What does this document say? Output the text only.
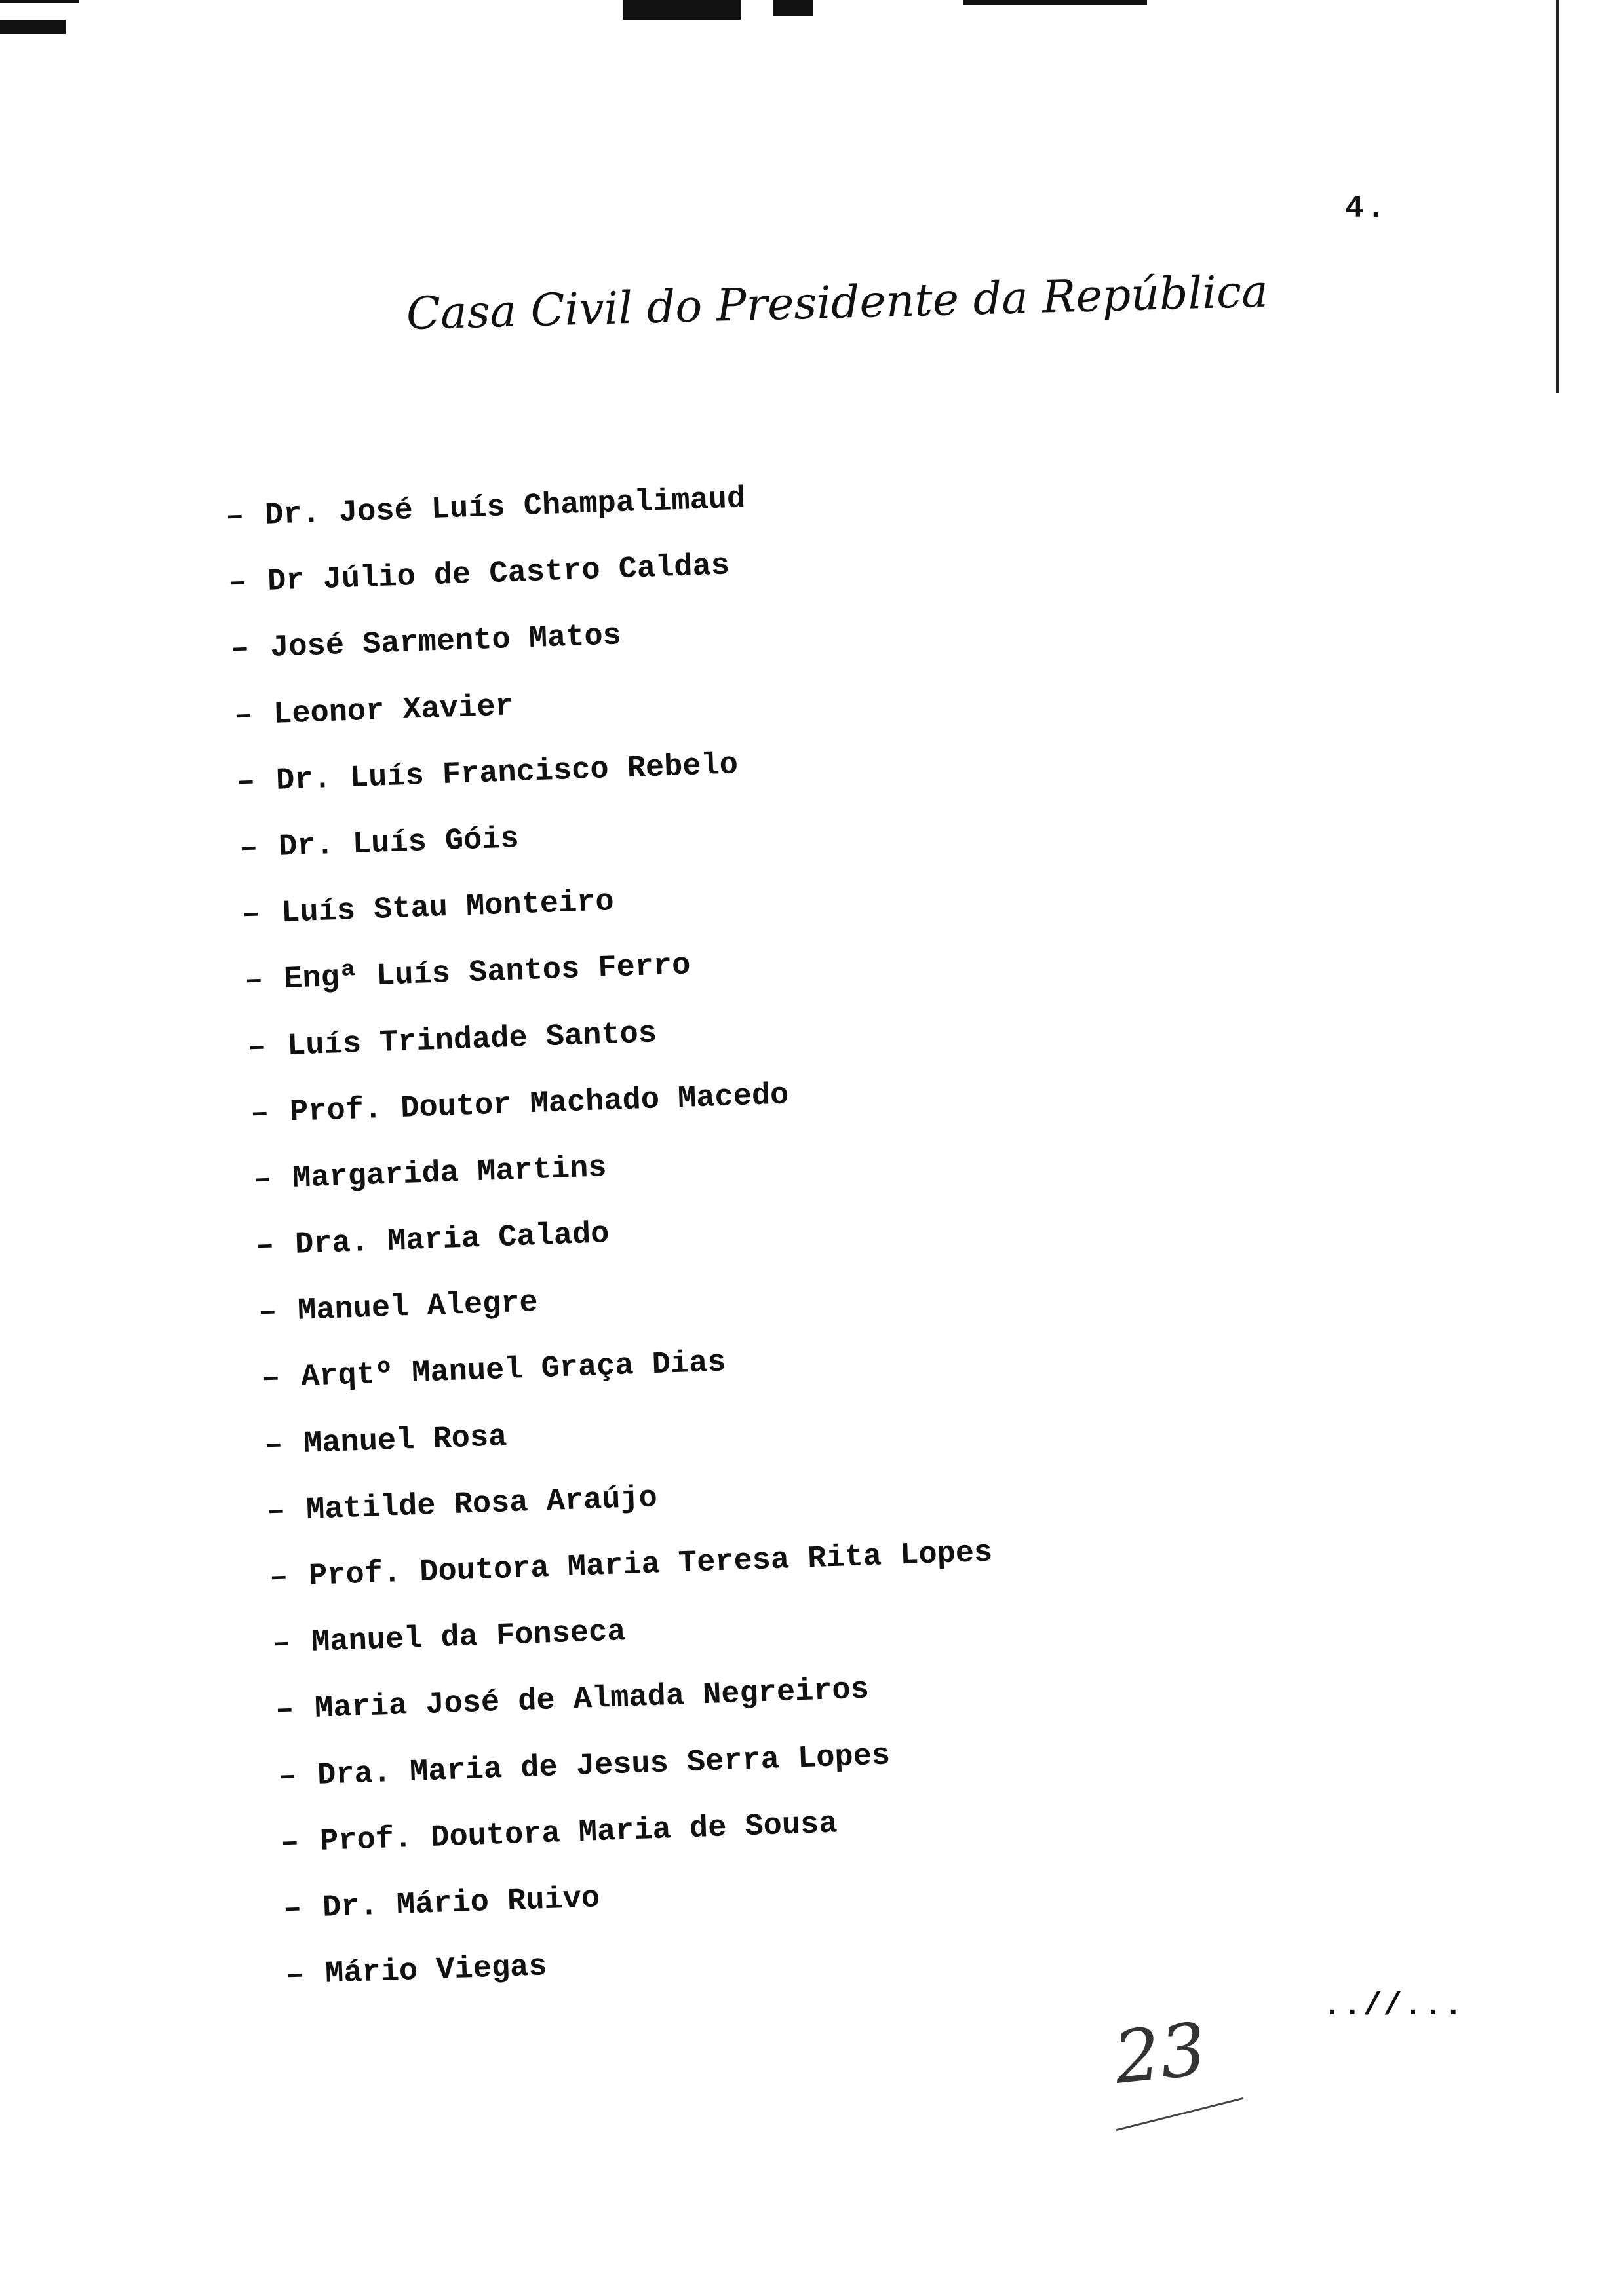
4.
Casa Civil do Presidente da República
– Dr. José Luís Champalimaud
– Dr Júlio de Castro Caldas
– José Sarmento Matos
– Leonor Xavier
– Dr. Luís Francisco Rebelo
– Dr. Luís Góis
– Luís Stau Monteiro
– Engª Luís Santos Ferro
– Luís Trindade Santos
– Prof. Doutor Machado Macedo
– Margarida Martins
– Dra. Maria Calado
– Manuel Alegre
– Arqtº Manuel Graça Dias
– Manuel Rosa
– Matilde Rosa Araújo
– Prof. Doutora Maria Teresa Rita Lopes
– Manuel da Fonseca
– Maria José de Almada Negreiros
– Dra. Maria de Jesus Serra Lopes
– Prof. Doutora Maria de Sousa
– Dr. Mário Ruivo
– Mário Viegas
23
..//...
